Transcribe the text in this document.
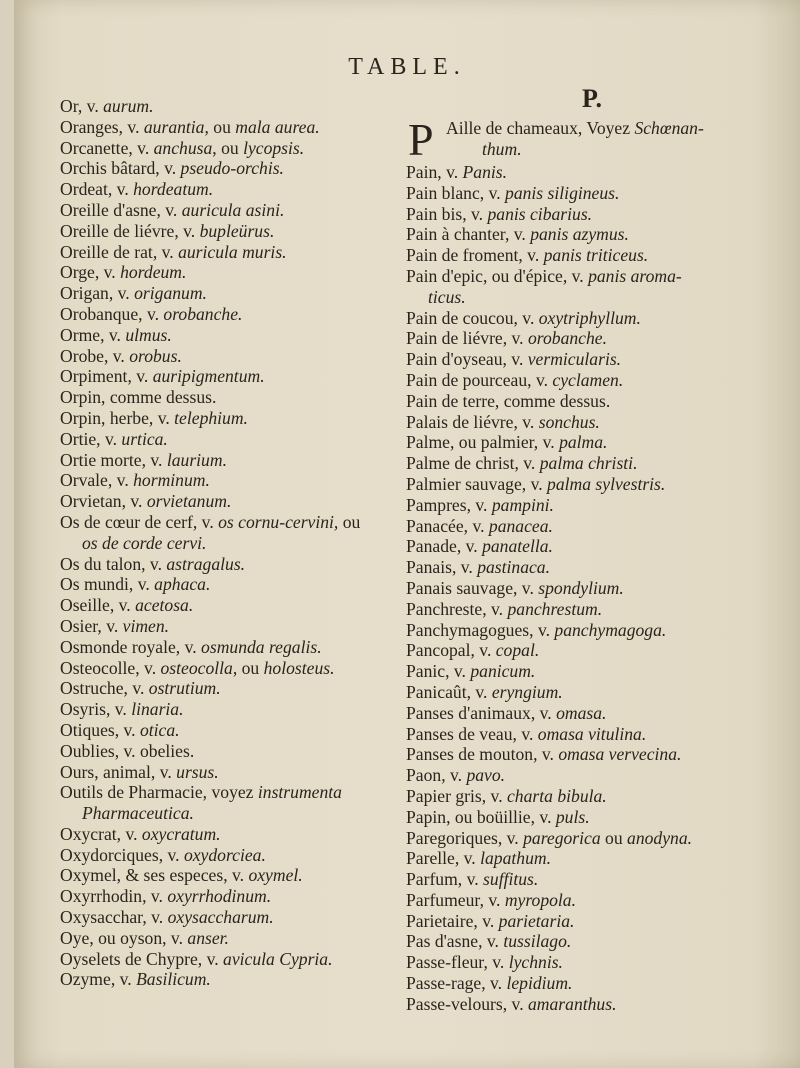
TABLE.
Or, v. aurum.
Oranges, v. aurantia, ou mala aurea.
Orcanette, v. anchusa, ou lycopsis.
Orchis bâtard, v. pseudo-orchis.
Ordeat, v. hordeatum.
Oreille d'asne, v. auricula asini.
Oreille de liévre, v. bupleürus.
Oreille de rat, v. auricula muris.
Orge, v. hordeum.
Origan, v. origanum.
Orobanque, v. orobanche.
Orme, v. ulmus.
Orobe, v. orobus.
Orpiment, v. auripigmentum.
Orpin, comme dessus.
Orpin, herbe, v. telephium.
Ortie, v. urtica.
Ortie morte, v. laurium.
Orvale, v. horminum.
Orvietan, v. orvietanum.
Os de cœur de cerf, v. os cornu-cervini, ou
os de corde cervi.
Os du talon, v. astragalus.
Os mundi, v. aphaca.
Oseille, v. acetosa.
Osier, v. vimen.
Osmonde royale, v. osmunda regalis.
Osteocolle, v. osteocolla, ou holosteus.
Ostruche, v. ostrutium.
Osyris, v. linaria.
Otiques, v. otica.
Oublies, v. obelies.
Ours, animal, v. ursus.
Outils de Pharmacie, voyez instrumenta
Pharmaceutica.
Oxycrat, v. oxycratum.
Oxydorciques, v. oxydorciea.
Oxymel, & ses especes, v. oxymel.
Oxyrrhodin, v. oxyrrhodinum.
Oxysacchar, v. oxysaccharum.
Oye, ou oyson, v. anser.
Oyselets de Chypre, v. avicula Cypria.
Ozyme, v. Basilicum.
P.
P Aille de chameaux, Voyez Schœnan-
thum.
Pain, v. Panis.
Pain blanc, v. panis siligineus.
Pain bis, v. panis cibarius.
Pain à chanter, v. panis azymus.
Pain de froment, v. panis triticeus.
Pain d'epic, ou d'épice, v. panis aroma-
ticus.
Pain de coucou, v. oxytriphyllum.
Pain de liévre, v. orobanche.
Pain d'oyseau, v. vermicularis.
Pain de pourceau, v. cyclamen.
Pain de terre, comme dessus.
Palais de liévre, v. sonchus.
Palme, ou palmier, v. palma.
Palme de christ, v. palma christi.
Palmier sauvage, v. palma sylvestris.
Pampres, v. pampini.
Panacée, v. panacea.
Panade, v. panatella.
Panais, v. pastinaca.
Panais sauvage, v. spondylium.
Panchreste, v. panchrestum.
Panchymagogues, v. panchymagoga.
Pancopal, v. copal.
Panic, v. panicum.
Panicaût, v. eryngium.
Panses d'animaux, v. omasa.
Panses de veau, v. omasa vitulina.
Panses de mouton, v. omasa vervecina.
Paon, v. pavo.
Papier gris, v. charta bibula.
Papin, ou boüillie, v. puls.
Paregoriques, v. paregorica ou anodyna.
Parelle, v. lapathum.
Parfum, v. suffitus.
Parfumeur, v. myropola.
Parietaire, v. parietaria.
Pas d'asne, v. tussilago.
Passe-fleur, v. lychnis.
Passe-rage, v. lepidium.
Passe-velours, v. amaranthus.
